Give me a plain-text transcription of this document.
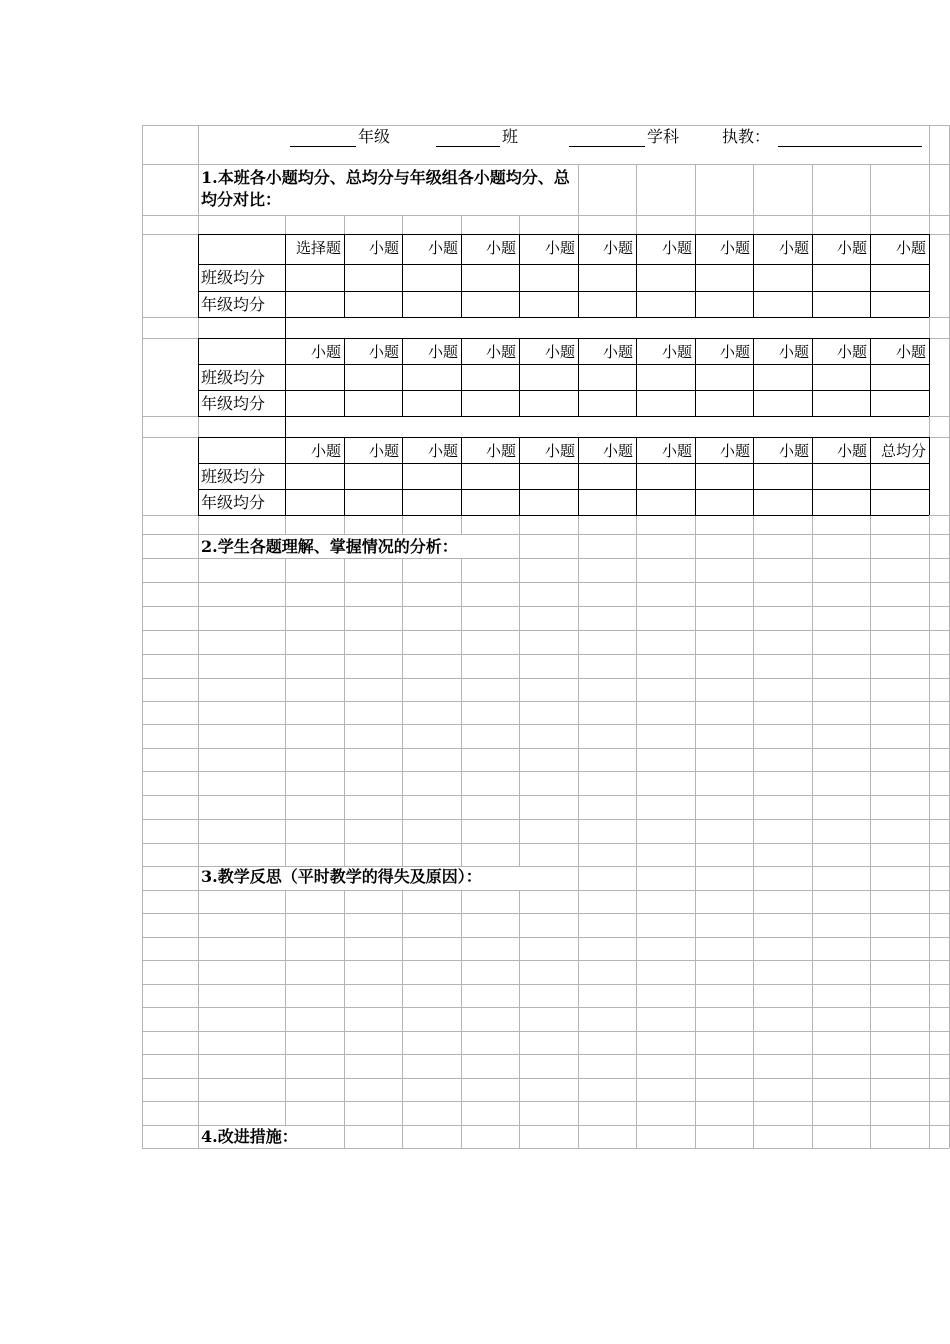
年级	班	学科	执教：
1.本班各小题均分、总均分与年级组各小题均分、总均分对比：
2.学生各题理解、掌握情况的分析：
3.教学反思（平时教学的得失及原因）：
4.改进措施：
选择题	小题	小题	小题	小题	小题	小题	小题	小题	小题	小题
班级均分
年级均分
小题	小题	小题	小题	小题	小题	小题	小题	小题	小题	小题
班级均分
年级均分
小题	小题	小题	小题	小题	小题	小题	小题	小题	小题 总均分
班级均分
年级均分
